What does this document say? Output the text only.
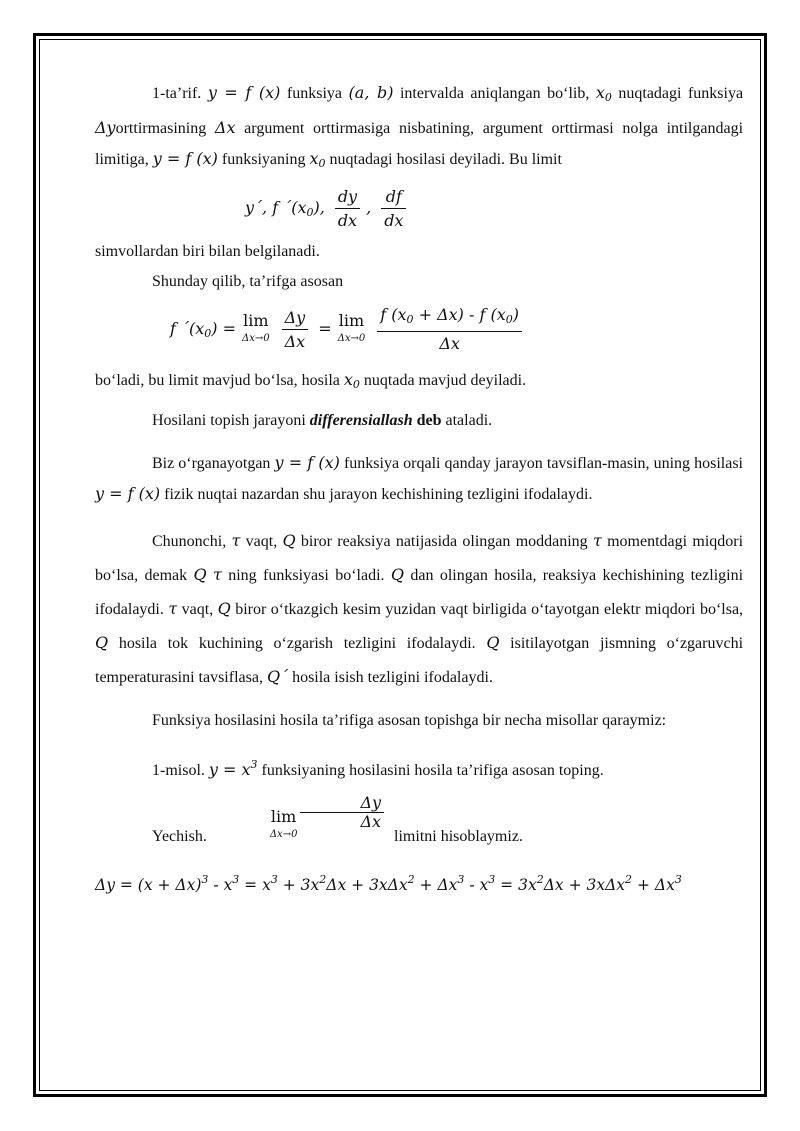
1-ta’rif. y = f (x) funksiya (a, b) intervalda aniqlangan bo‘lib, $x_0$ nuqtadagi funksiya Δyorttirmasining Δx argument orttirmasiga nisbatining, argument orttirmasi nolga intilgandagi limitiga, y = f (x) funksiyaning $x_0$ nuqtadagi hosilasi deyiladi. Bu limit

y´, f $´(x_0)$, $\frac{dy}{dx}$ , $\frac{df}{dx}$

simvollardan biri bilan belgilanadi.

Shunday qilib, ta’rifga asosan

f $´(x_0) = \lim$
Δx→0
$\frac{\Delta y}{\Delta x} = \lim$
Δx→0
$\frac{f (x_0 + \Delta x) - f (x_0)}{\Delta x}$

bo‘ladi, bu limit mavjud bo‘lsa, hosila $x_0$ nuqtada mavjud deyiladi.

Hosilani topish jarayoni differensiallash deb ataladi.

Biz o‘rganayotgan y = f (x) funksiya orqali qanday jarayon tavsiflan-masin, uning hosilasi y = f (x) fizik nuqtai nazardan shu jarayon kechishining tezligini ifodalaydi.

Chunonchi, τ vaqt, Q biror reaksiya natijasida olingan moddaning τ momentdagi miqdori bo‘lsa, demak Q τ ning funksiyasi bo‘ladi. Q dan olingan hosila, reaksiya kechishining tezligini ifodalaydi. τ vaqt, Q biror o‘tkazgich kesim yuzidan vaqt birligida o‘tayotgan elektr miqdori bo‘lsa, Q hosila tok kuchining o‘zgarish tezligini ifodalaydi. Q isitilayotgan jismning o‘zgaruvchi temperaturasini tavsiflasa, Q´ hosila isish tezligini ifodalaydi.

Funksiya hosilasini hosila ta’rifiga asosan topishga bir necha misollar qaraymiz:

1-misol. $y = x^3$ funksiyaning hosilasini hosila ta’rifiga asosan toping.

Yechish. lim
Δx→0
$\frac{\Delta y}{\Delta x}$
limitni hisoblaymiz.

$\Delta y = (x + \Delta x)^3 - x^3 = x^3 + 3x^2\Delta x + 3x\Delta x^2 + \Delta x^3 - x^3 = 3x^2\Delta x + 3x\Delta x^2 + \Delta x^3$
